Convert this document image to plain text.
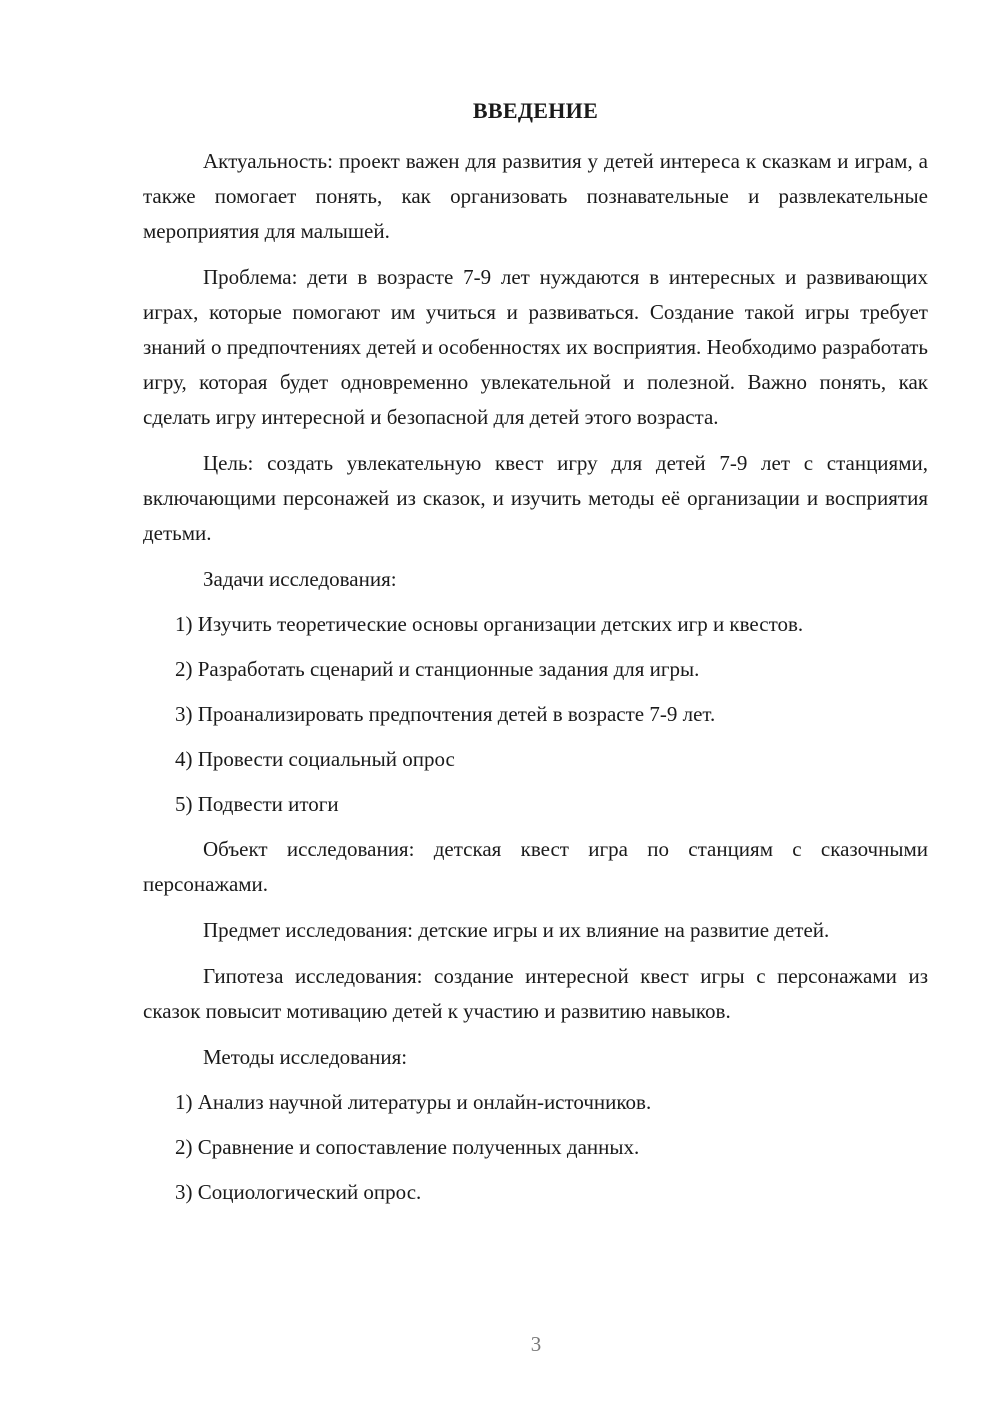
ВВЕДЕНИЕ

Актуальность: проект важен для развития у детей интереса к сказкам и играм, а также помогает понять, как организовать познавательные и развлекательные мероприятия для малышей.

Проблема: дети в возрасте 7-9 лет нуждаются в интересных и развивающих играх, которые помогают им учиться и развиваться. Создание такой игры требует знаний о предпочтениях детей и особенностях их восприятия. Необходимо разработать игру, которая будет одновременно увлекательной и полезной. Важно понять, как сделать игру интересной и безопасной для детей этого возраста.

Цель: создать увлекательную квест игру для детей 7-9 лет с станциями, включающими персонажей из сказок, и изучить методы её организации и восприятия детьми.

Задачи исследования:

1) Изучить теоретические основы организации детских игр и квестов.
2) Разработать сценарий и станционные задания для игры.
3) Проанализировать предпочтения детей в возрасте 7-9 лет.
4) Провести социальный опрос
5) Подвести итоги

Объект исследования: детская квест игра по станциям с сказочными персонажами.

Предмет исследования: детские игры и их влияние на развитие детей.

Гипотеза исследования: создание интересной квест игры с персонажами из сказок повысит мотивацию детей к участию и развитию навыков.

Методы исследования:

1) Анализ научной литературы и онлайн-источников.
2) Сравнение и сопоставление полученных данных.
3) Социологический опрос.
3
